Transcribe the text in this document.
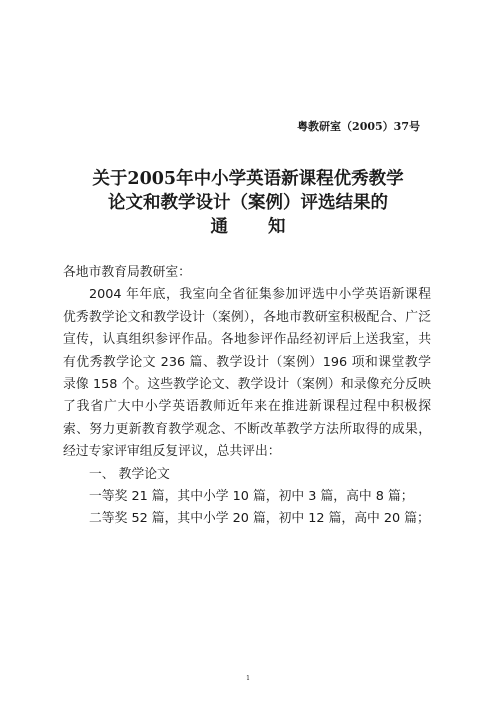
粤教研室（2005）37号
关于2005年中小学英语新课程优秀教学
论文和教学设计（案例）评选结果的
通知

各地市教育局教研室：

2004 年年底，我室向全省征集参加评选中小学英语新课程优秀教学论文和教学设计（案例），各地市教研室积极配合、广泛宣传，认真组织参评作品。各地参评作品经初评后上送我室，共有优秀教学论文 236 篇、教学设计（案例）196 项和课堂教学录像 158 个。这些教学论文、教学设计（案例）和录像充分反映了我省广大中小学英语教师近年来在推进新课程过程中积极探索、努力更新教育教学观念、不断改革教学方法所取得的成果，经过专家评审组反复评议，总共评出：

一、 教学论文

一等奖 21 篇，其中小学 10 篇，初中 3 篇，高中 8 篇；

二等奖 52 篇，其中小学 20 篇，初中 12 篇，高中 20 篇；

1
